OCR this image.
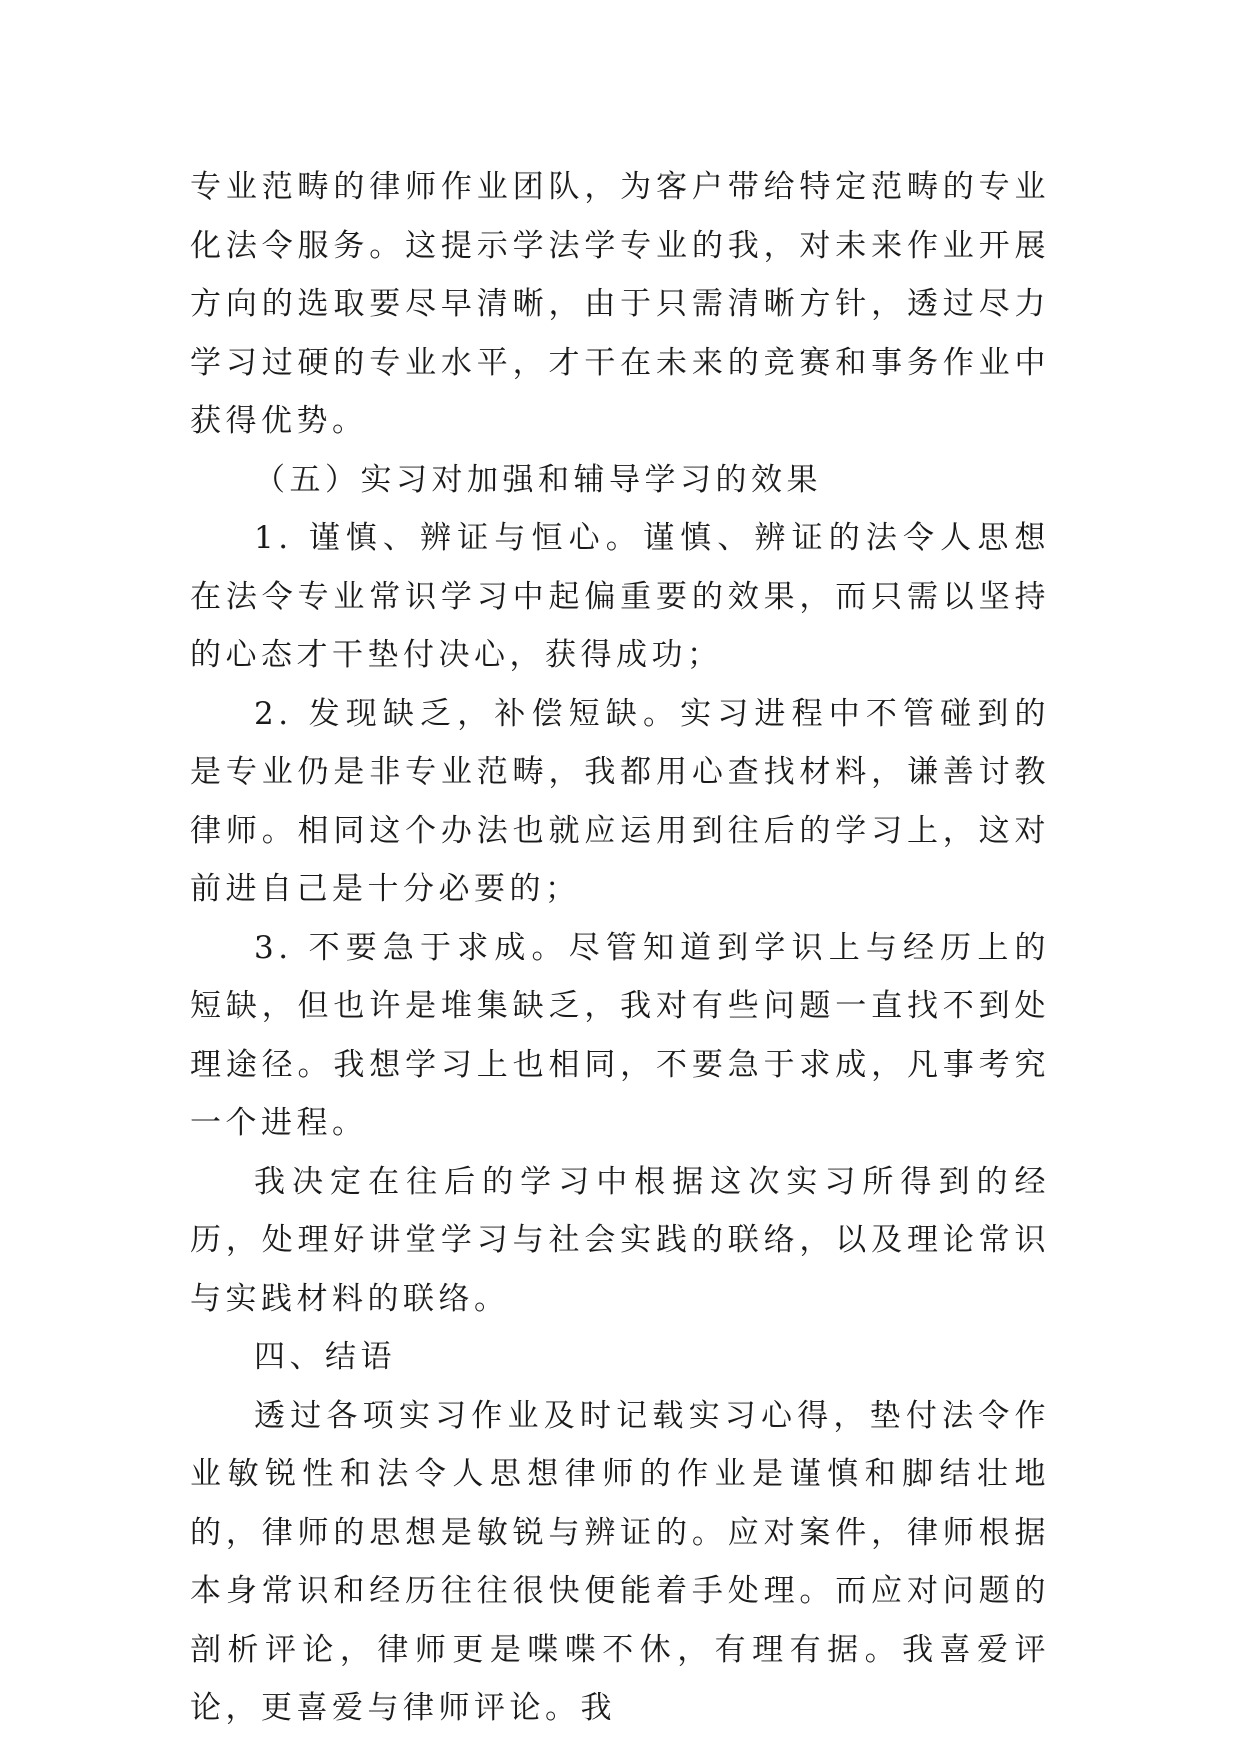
专业范畴的律师作业团队，为客户带给特定范畴的专业化法令服务。这提示学法学专业的我，对未来作业开展方向的选取要尽早清晰，由于只需清晰方针，透过尽力学习过硬的专业水平，才干在未来的竞赛和事务作业中获得优势。

（五）实习对加强和辅导学习的效果

1. 谨慎、辨证与恒心。谨慎、辨证的法令人思想在法令专业常识学习中起偏重要的效果，而只需以坚持的心态才干垫付决心，获得成功；

2. 发现缺乏，补偿短缺。实习进程中不管碰到的是专业仍是非专业范畴，我都用心查找材料，谦善讨教律师。相同这个办法也就应运用到往后的学习上，这对前进自己是十分必要的；

3. 不要急于求成。尽管知道到学识上与经历上的短缺，但也许是堆集缺乏，我对有些问题一直找不到处理途径。我想学习上也相同，不要急于求成，凡事考究一个进程。

我决定在往后的学习中根据这次实习所得到的经历，处理好讲堂学习与社会实践的联络，以及理论常识与实践材料的联络。

四、结语

透过各项实习作业及时记载实习心得，垫付法令作业敏锐性和法令人思想律师的作业是谨慎和脚结壮地的，律师的思想是敏锐与辨证的。应对案件，律师根据本身常识和经历往往很快便能着手处理。而应对问题的剖析评论，律师更是喋喋不休，有理有据。我喜爱评论，更喜爱与律师评论。我
